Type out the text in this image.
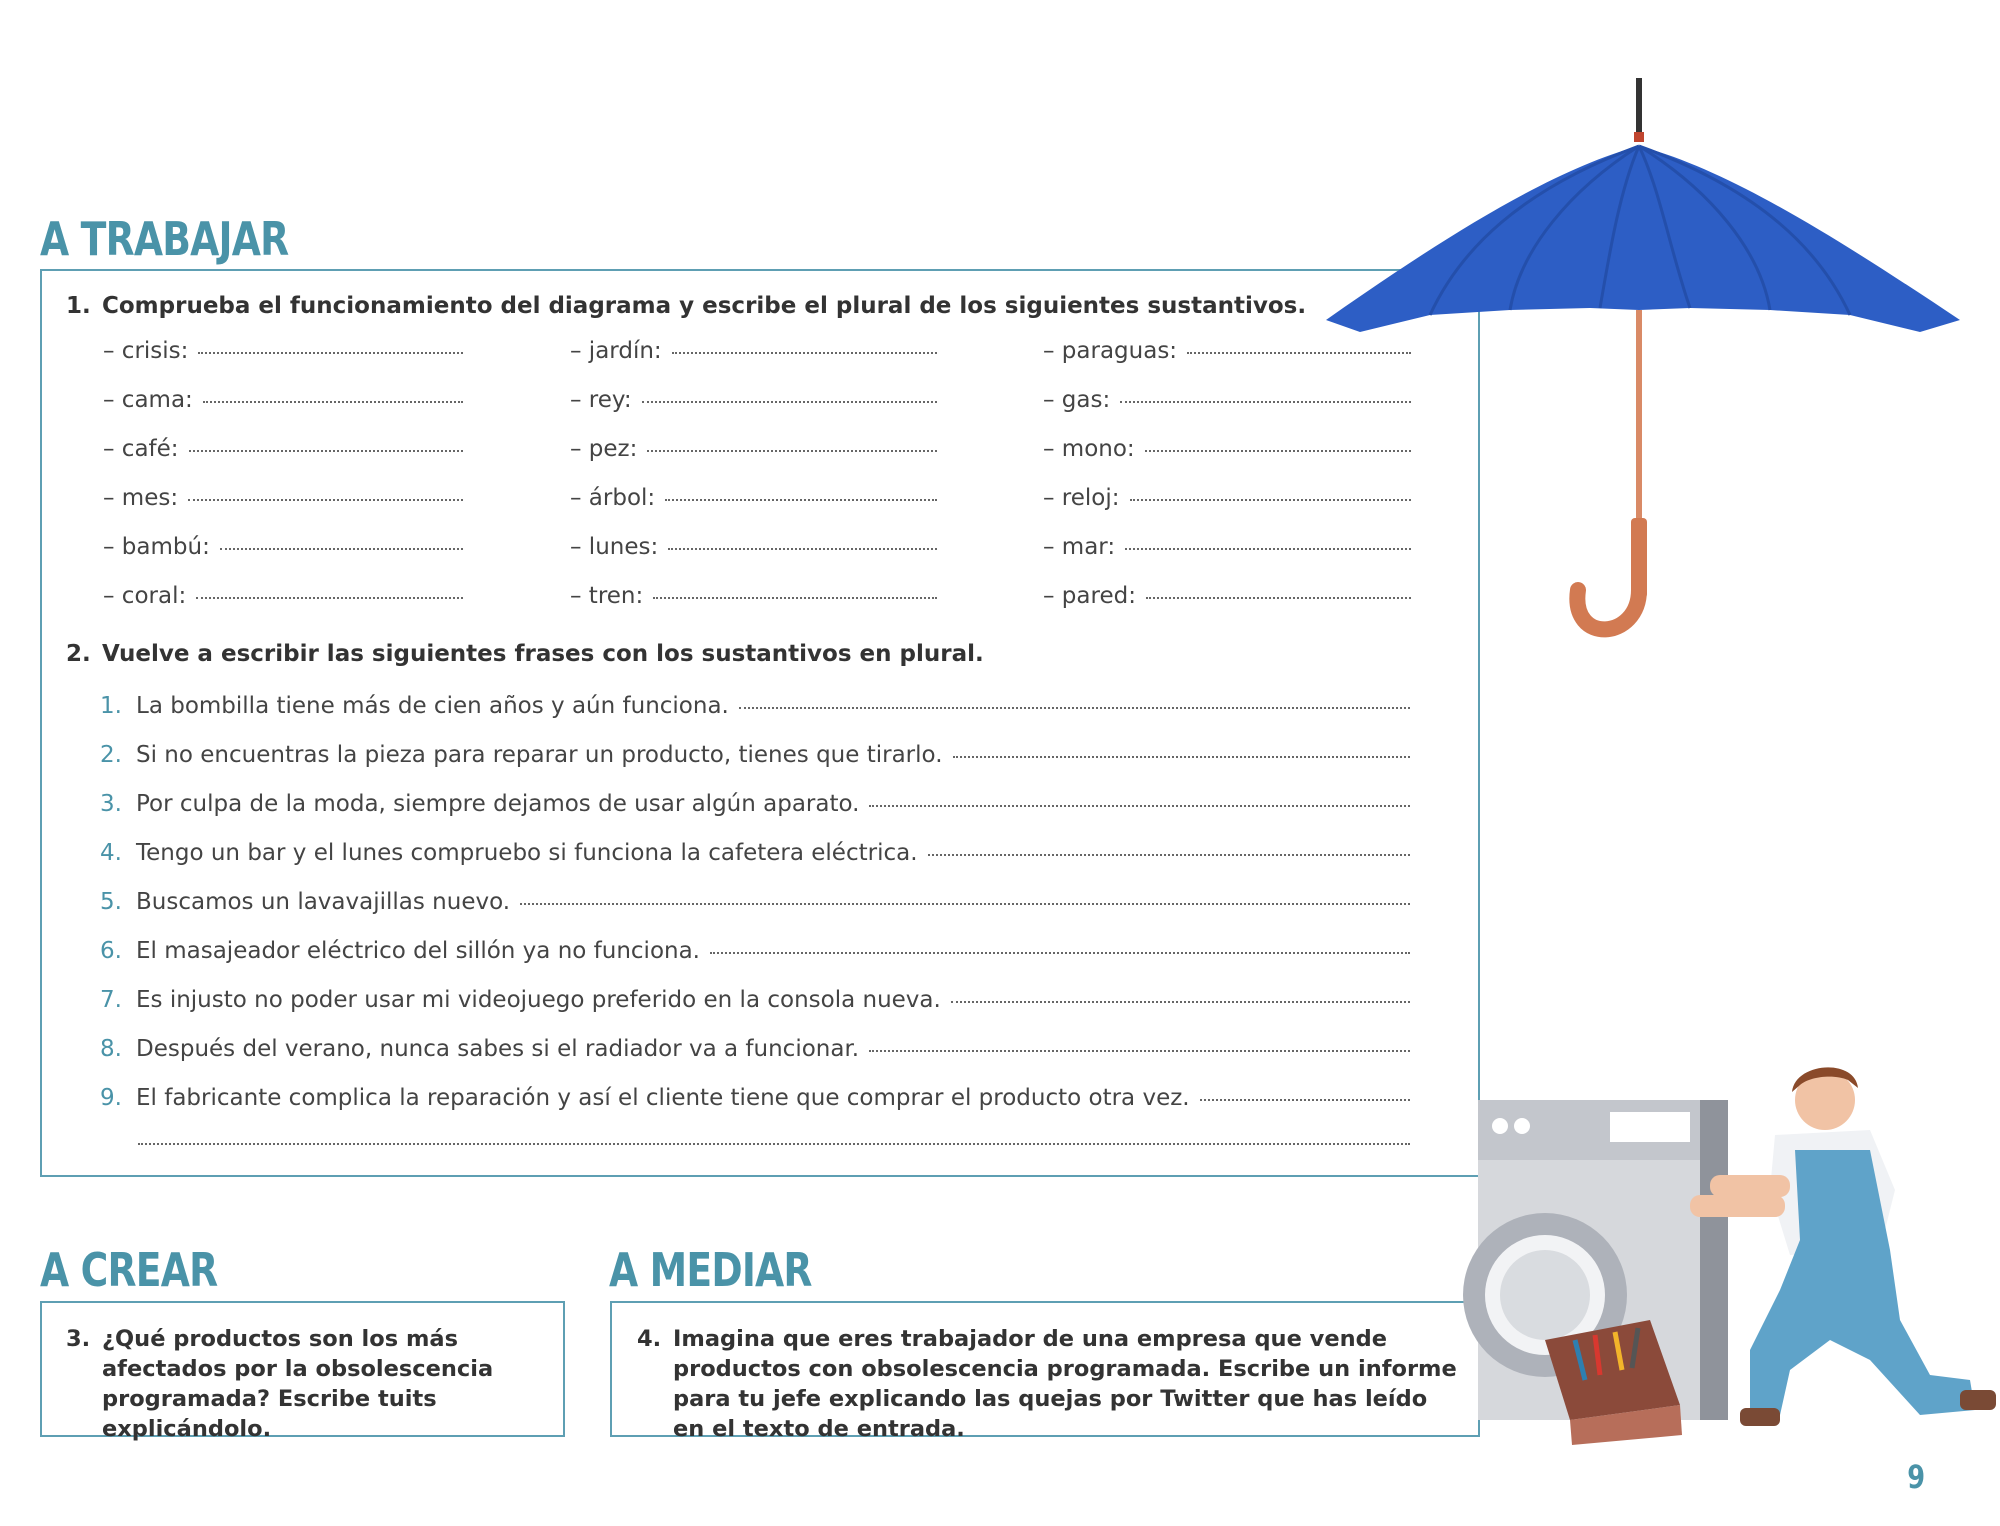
A TRABAJAR
1. Comprueba el funcionamiento del diagrama y escribe el plural de los siguientes sustantivos.
– crisis:
– cama:
– café:
– mes:
– bambú:
– coral:
– jardín:
– rey:
– pez:
– árbol:
– lunes:
– tren:
– paraguas:
– gas:
– mono:
– reloj:
– mar:
– pared:
2. Vuelve a escribir las siguientes frases con los sustantivos en plural.
1. La bombilla tiene más de cien años y aún funciona.
2. Si no encuentras la pieza para reparar un producto, tienes que tirarlo.
3. Por culpa de la moda, siempre dejamos de usar algún aparato.
4. Tengo un bar y el lunes compruebo si funciona la cafetera eléctrica.
5. Buscamos un lavavajillas nuevo.
6. El masajeador eléctrico del sillón ya no funciona.
7. Es injusto no poder usar mi videojuego preferido en la consola nueva.
8. Después del verano, nunca sabes si el radiador va a funcionar.
9. El fabricante complica la reparación y así el cliente tiene que comprar el producto otra vez.
A CREAR
3. ¿Qué productos son los más afectados por la obsolescencia programada? Escribe tuits explicándolo.
A MEDIAR
4. Imagina que eres trabajador de una empresa que vende productos con obsolescencia programada. Escribe un informe para tu jefe explicando las quejas por Twitter que has leído en el texto de entrada.
9
